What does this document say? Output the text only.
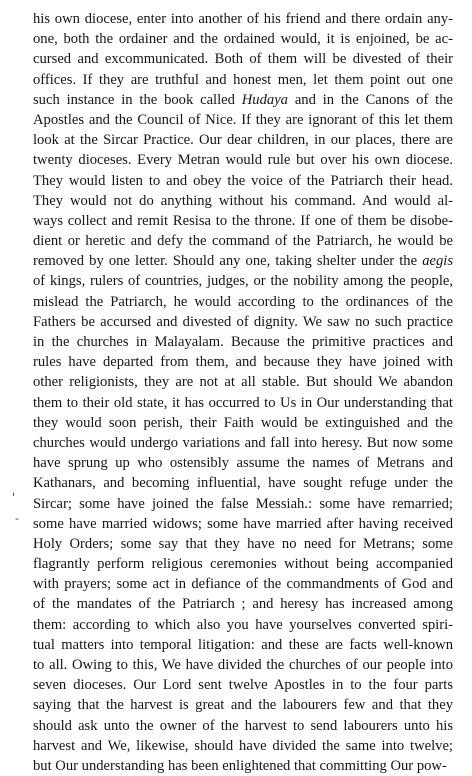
his own diocese, enter into another of his friend and there ordain any-
one, both the ordainer and the ordained would, it is enjoined, be ac-
cursed and excommunicated. Both of them will be divested of their
offices. If they are truthful and honest men, let them point out one
such instance in the book called Hudaya and in the Canons of the
Apostles and the Council of Nice. If they are ignorant of this let them
look at the Sircar Practice. Our dear children, in our places, there are
twenty dioceses. Every Metran would rule but over his own diocese.
They would listen to and obey the voice of the Patriarch their head.
They would not do anything without his command. And would al-
ways collect and remit Resisa to the throne. If one of them be disobe-
dient or heretic and defy the command of the Patriarch, he would be
removed by one letter. Should any one, taking shelter under the aegis
of kings, rulers of countries, judges, or the nobility among the people,
mislead the Patriarch, he would according to the ordinances of the
Fathers be accursed and divested of dignity. We saw no such practice
in the churches in Malayalam. Because the primitive practices and
rules have departed from them, and because they have joined with
other religionists, they are not at all stable. But should We abandon
them to their old state, it has occurred to Us in Our understanding that
they would soon perish, their Faith would be extinguished and the
churches would undergo variations and fall into heresy. But now some
have sprung up who ostensibly assume the names of Metrans and
Kathanars, and becoming influential, have sought refuge under the
Sircar; some have joined the false Messiah.: some have remarried;
some have married widows; some have married after having received
Holy Orders; some say that they have no need for Metrans; some
flagrantly perform religious ceremonies without being accompanied
with prayers; some act in defiance of the commandments of God and
of the mandates of the Patriarch ; and heresy has increased among
them: according to which also you have yourselves converted spiri-
tual matters into temporal litigation: and these are facts well-known
to all. Owing to this, We have divided the churches of our people into
seven dioceses. Our Lord sent twelve Apostles in to the four parts
saying that the harvest is great and the labourers few and that they
should ask unto the owner of the harvest to send labourers unto his
harvest and We, likewise, should have divided the same into twelve;
but Our understanding has been enlightened that committing Our pow-
'
-
